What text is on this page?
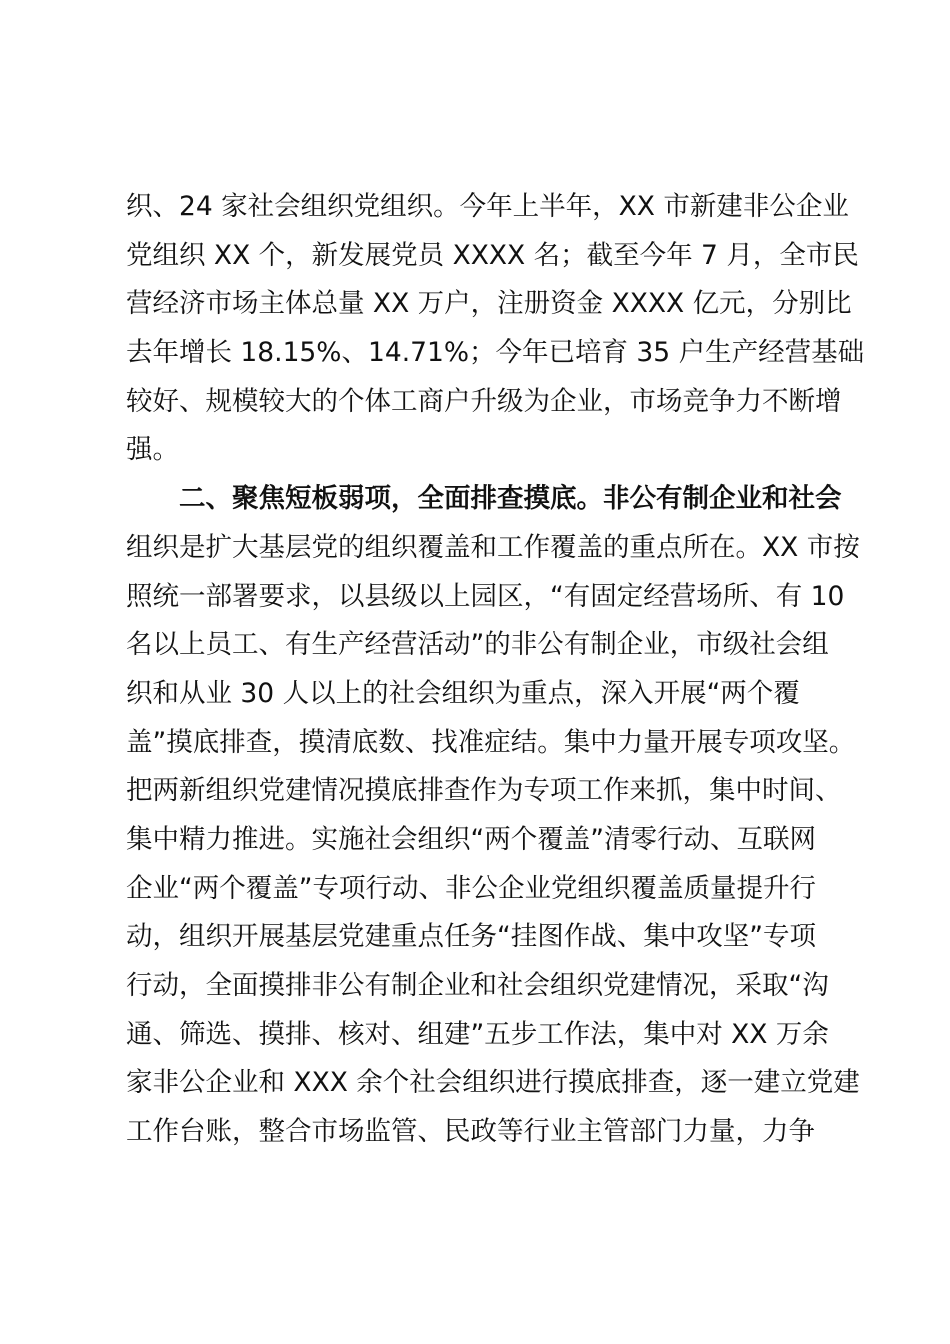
织、24 家社会组织党组织。今年上半年，XX 市新建非公企业
党组织 XX 个，新发展党员 XXXX 名；截至今年 7 月，全市民
营经济市场主体总量 XX 万户，注册资金 XXXX 亿元，分别比
去年增长 18.15%、14.71%；今年已培育 35 户生产经营基础
较好、规模较大的个体工商户升级为企业，市场竞争力不断增
强。
　　二、聚焦短板弱项，全面排查摸底。非公有制企业和社会
组织是扩大基层党的组织覆盖和工作覆盖的重点所在。XX 市按
照统一部署要求，以县级以上园区，“有固定经营场所、有 10
名以上员工、有生产经营活动”的非公有制企业，市级社会组
织和从业 30 人以上的社会组织为重点，深入开展“两个覆
盖”摸底排查，摸清底数、找准症结。集中力量开展专项攻坚。
把两新组织党建情况摸底排查作为专项工作来抓，集中时间、
集中精力推进。实施社会组织“两个覆盖”清零行动、互联网
企业“两个覆盖”专项行动、非公企业党组织覆盖质量提升行
动，组织开展基层党建重点任务“挂图作战、集中攻坚”专项
行动，全面摸排非公有制企业和社会组织党建情况，采取“沟
通、筛选、摸排、核对、组建”五步工作法，集中对 XX 万余
家非公企业和 XXX 余个社会组织进行摸底排查，逐一建立党建
工作台账，整合市场监管、民政等行业主管部门力量，力争
